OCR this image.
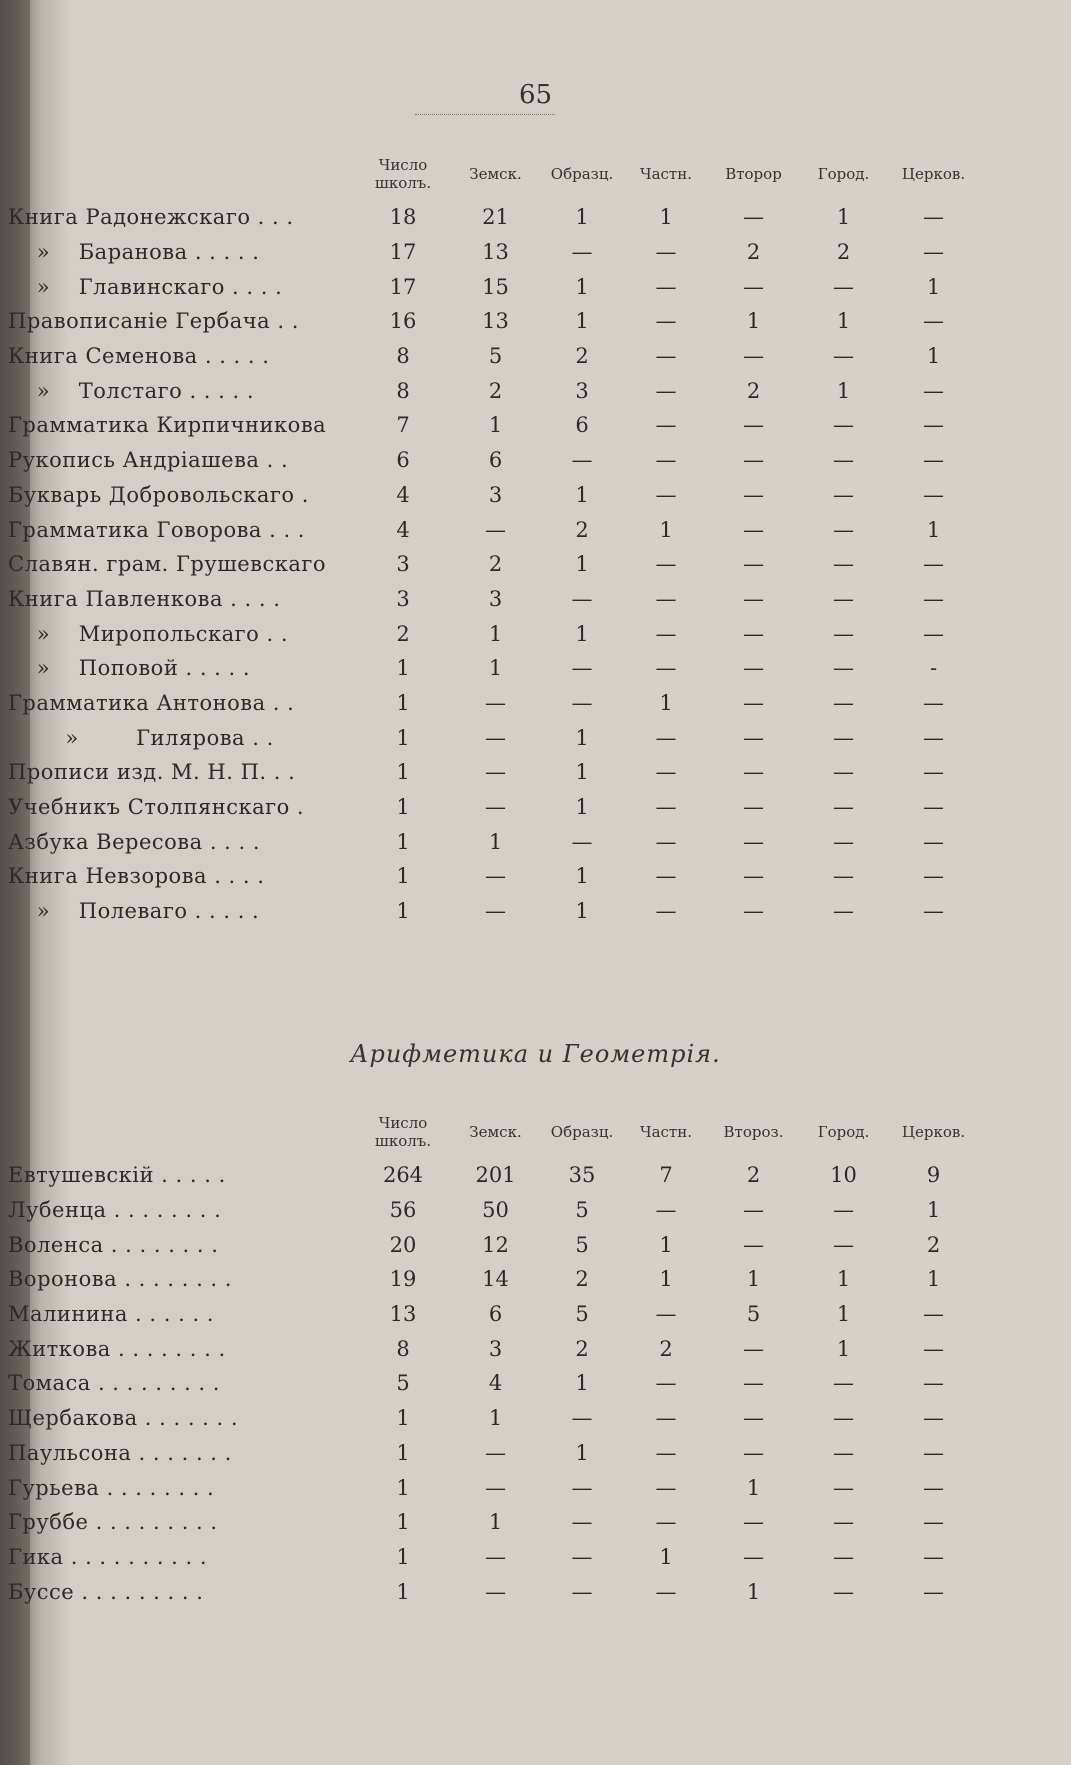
65
	Число школъ.	Земск.	Образц.	Частн.	Второр	Город.	Церков.
Книга Радонежскаго . . .	18	21	1	1	—	1	—
»    Баранова . . . . .	17	13	—	—	2	2	—
»    Главинскаго . . . .	17	15	1	—	—	—	1
Правописаніе Гербача . .	16	13	1	—	1	1	—
Книга Семенова . . . . .	8	5	2	—	—	—	1
»    Толстаго . . . . .	8	2	3	—	2	1	—
Грамматика Кирпичникова	7	1	6	—	—	—	—
Рукопись Андріашева . .	6	6	—	—	—	—	—
Букварь Добровольскаго .	4	3	1	—	—	—	—
Грамматика Говорова . . .	4	—	2	1	—	—	1
Славян. грам. Грушевскаго	3	2	1	—	—	—	—
Книга Павленкова . . . .	3	3	—	—	—	—	—
»    Миропольскаго . .	2	1	1	—	—	—	—
»    Поповой . . . . .	1	1	—	—	—	—	-
Грамматика Антонова . .	1	—	—	1	—	—	—
»        Гилярова . .	1	—	1	—	—	—	—
Прописи изд. М. Н. П. . .	1	—	1	—	—	—	—
Учебникъ Столпянскаго .	1	—	1	—	—	—	—
Азбука Вересова . . . .	1	1	—	—	—	—	—
Книга Невзорова . . . .	1	—	1	—	—	—	—
»    Полеваго . . . . .	1	—	1	—	—	—	—
Арифметика и Геометрія.
	Число школъ.	Земск.	Образц.	Частн.	Второз.	Город.	Церков.
Евтушевскій . . . . .	264	201	35	7	2	10	9
Лубенца . . . . . . . .	56	50	5	—	—	—	1
Воленса . . . . . . . .	20	12	5	1	—	—	2
Воронова . . . . . . . .	19	14	2	1	1	1	1
Малинина . . . . . .	13	6	5	—	5	1	—
Житкова . . . . . . . .	8	3	2	2	—	1	—
Томаса . . . . . . . . .	5	4	1	—	—	—	—
Щербакова . . . . . . .	1	1	—	—	—	—	—
Паульсона . . . . . . .	1	—	1	—	—	—	—
Гурьева . . . . . . . .	1	—	—	—	1	—	—
Груббе . . . . . . . . .	1	1	—	—	—	—	—
Гика . . . . . . . . . .	1	—	—	1	—	—	—
Буссе . . . . . . . . .	1	—	—	—	1	—	—
